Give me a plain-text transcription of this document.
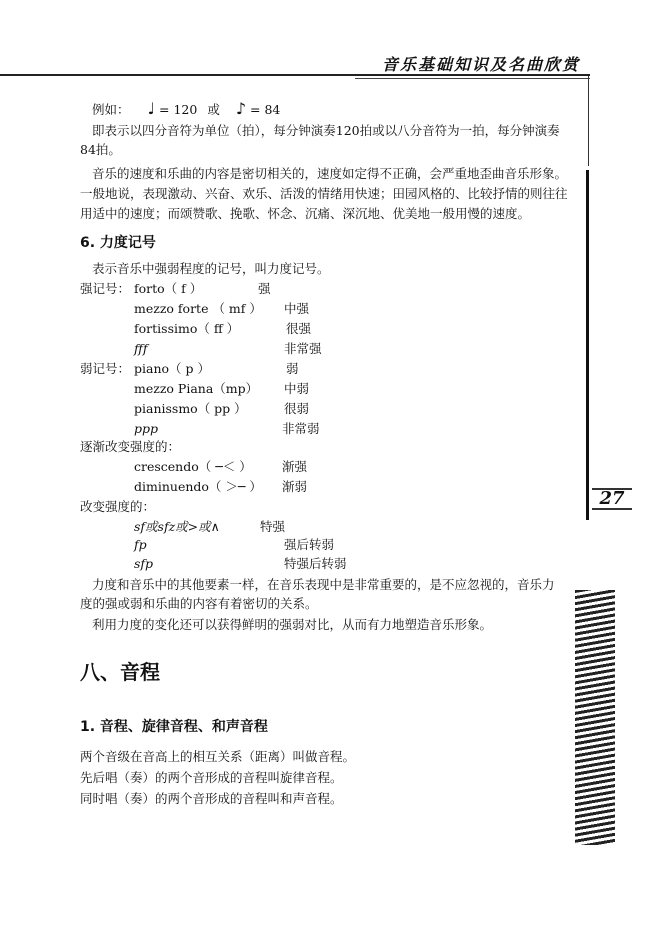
音乐基础知识及名曲欣赏
27
例如： ♩ = 120 或 ♪ = 84
即表示以四分音符为单位（拍），每分钟演奏120拍或以八分音符为一拍，每分钟演奏
84拍。
音乐的速度和乐曲的内容是密切相关的，速度如定得不正确，会严重地歪曲音乐形象。
一般地说，表现激动、兴奋、欢乐、活泼的情绪用快速；田园风格的、比较抒情的则往往
用适中的速度；而颂赞歌、挽歌、怀念、沉痛、深沉地、优美地一般用慢的速度。
6. 力度记号
表示音乐中强弱程度的记号，叫力度记号。
强记号： forto（ f ）	强
mezzo forte （ mf ） 中强
fortissimo（ ff ）	很强
fff	非常强
弱记号： piano（ p ）	弱
mezzo Piana（mp） 中弱
pianissmo（ pp ）	很弱
ppp	非常弱
逐渐改变强度的：
crescendo（ ─＜ ） 渐强
diminuendo（ ＞─ ） 渐弱
改变强度的：
sf或sfz或>或∧	特强
fp	强后转弱
sfp	特强后转弱
力度和音乐中的其他要素一样，在音乐表现中是非常重要的，是不应忽视的，音乐力
度的强或弱和乐曲的内容有着密切的关系。
利用力度的变化还可以获得鲜明的强弱对比，从而有力地塑造音乐形象。
八、音程
1. 音程、旋律音程、和声音程
两个音级在音高上的相互关系（距离）叫做音程。
先后唱（奏）的两个音形成的音程叫旋律音程。
同时唱（奏）的两个音形成的音程叫和声音程。
